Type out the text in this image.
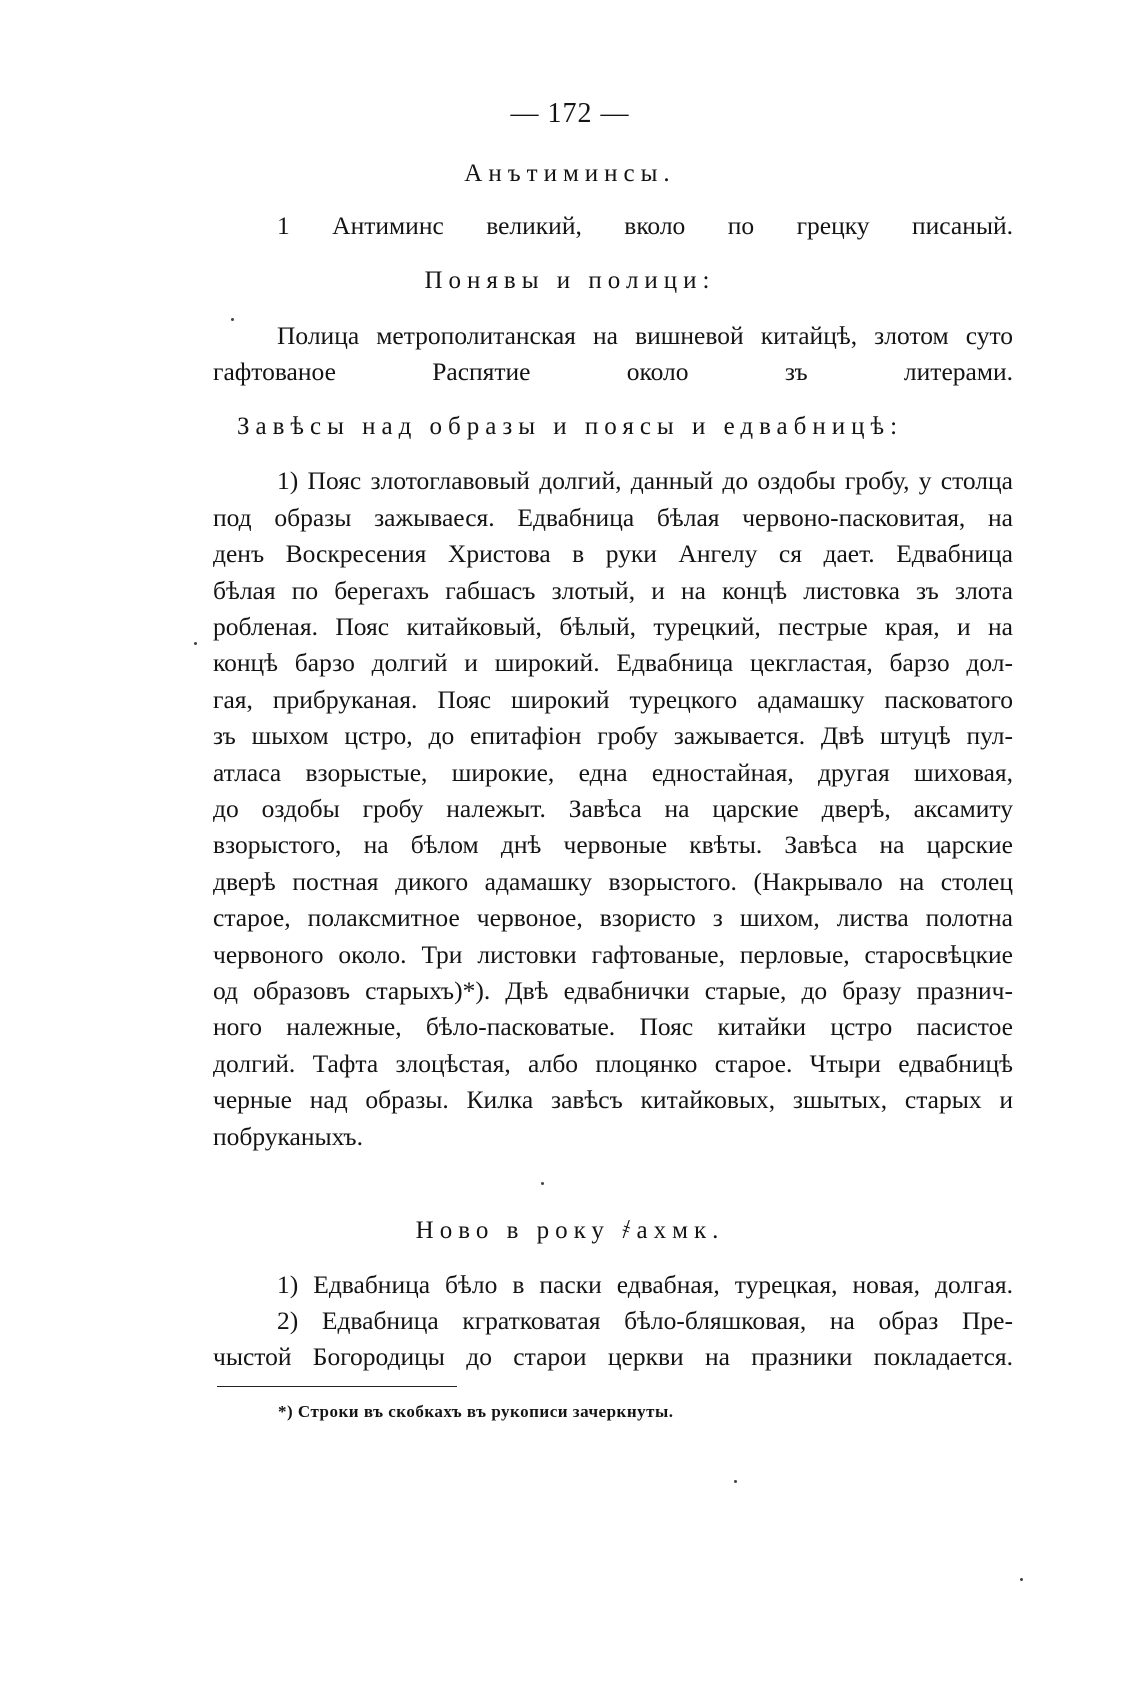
— 172 —
Анътиминсы.
1 Антиминс великий, вколо по грецку писаный.
Понявы и полици:
Полица метрополитанская на вишневой китайцѣ, злотом суто
гафтованое Распятие около зъ литерами.
Завѣсы над образы и поясы и едвабницѣ:
1) Пояс злотоглавовый долгий, данный до оздобы гробу, у столца
под образы зажываеся. Едвабница бѣлая червоно-пасковитая, на
денъ Воскресения Христова в руки Ангелу ся дает. Едвабница
бѣлая по берегахъ габшасъ злотый, и на концѣ листовка зъ злота
робленая. Пояс китайковый, бѣлый, турецкий, пестрые края, и на
концѣ барзо долгий и широкий. Едвабница цекгластая, барзо дол-
гая, прибруканая. Пояс широкий турецкого адамашку пасковатого
зъ шыхом цстро, до епитафіон гробу зажывается. Двѣ штуцѣ пул-
атласа взорыстые, широкие, една едностайная, другая шиховая,
до оздобы гробу належыт. Завѣса на царские дверѣ, аксамиту
взорыстого, на бѣлом днѣ червоные квѣты. Завѣса на царские
дверѣ постная дикого адамашку взорыстого. (Накрывало на столец
старое, полаксмитное червоное, взористо з шихом, листва полотна
червоного около. Три листовки гафтованые, перловые, старосвѣцкие
од образовъ старыхъ)*). Двѣ едвабнички старые, до бразу празнич-
ного належные, бѣло-пасковатые. Пояс китайки цстро пасистое
долгий. Тафта злоцѣстая, албо плоцянко старое. Чтыри едвабницѣ
черные над образы. Килка завѣсъ китайковых, зшытых, старых и
побруканыхъ.
Ново в року ҂ахмк.
1) Едвабница бѣло в паски едвабная, турецкая, новая, долгая.
2) Едвабница кгратковатая бѣло-бляшковая, на образ Пре-
чыстой Богородицы до старои церкви на празники покладается.
*) Строки въ скобкахъ въ рукописи зачеркнуты.
